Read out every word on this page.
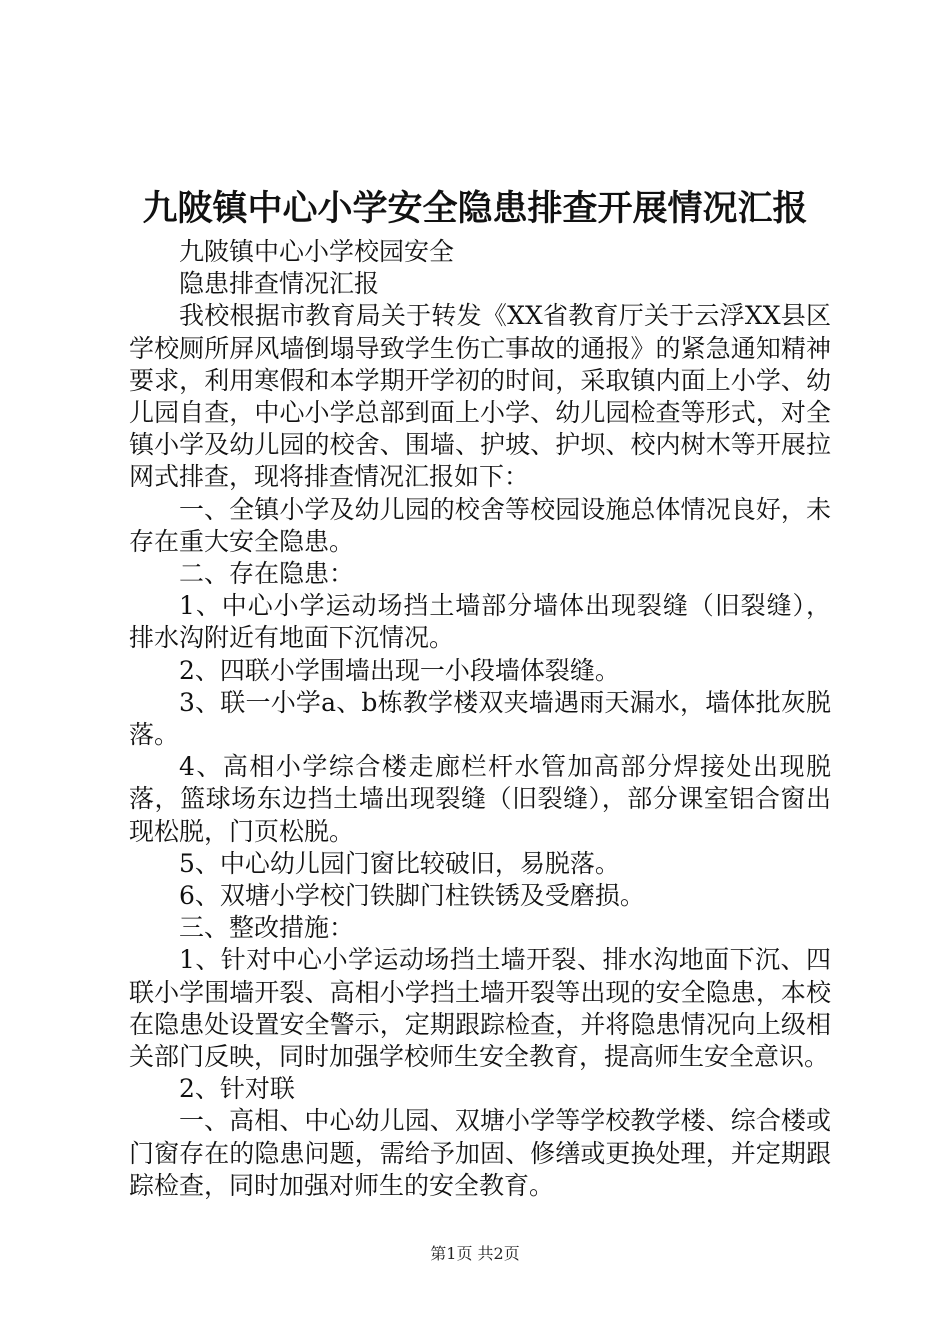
九陂镇中心小学安全隐患排查开展情况汇报

九陂镇中心小学校园安全

隐患排查情况汇报

我校根据市教育局关于转发《XX省教育厅关于云浮XX县区学校厕所屏风墙倒塌导致学生伤亡事故的通报》的紧急通知精神要求，利用寒假和本学期开学初的时间，采取镇内面上小学、幼儿园自查，中心小学总部到面上小学、幼儿园检查等形式，对全镇小学及幼儿园的校舍、围墙、护坡、护坝、校内树木等开展拉网式排查，现将排查情况汇报如下：

一、全镇小学及幼儿园的校舍等校园设施总体情况良好，未存在重大安全隐患。

二、存在隐患：

1、中心小学运动场挡土墙部分墙体出现裂缝（旧裂缝），排水沟附近有地面下沉情况。

2、四联小学围墙出现一小段墙体裂缝。

3、联一小学a、b栋教学楼双夹墙遇雨天漏水，墙体批灰脱落。

4、高相小学综合楼走廊栏杆水管加高部分焊接处出现脱落，篮球场东边挡土墙出现裂缝（旧裂缝），部分课室铝合窗出现松脱，门页松脱。

5、中心幼儿园门窗比较破旧，易脱落。

6、双塘小学校门铁脚门柱铁锈及受磨损。

三、整改措施：

1、针对中心小学运动场挡土墙开裂、排水沟地面下沉、四联小学围墙开裂、高相小学挡土墙开裂等出现的安全隐患，本校在隐患处设置安全警示，定期跟踪检查，并将隐患情况向上级相关部门反映，同时加强学校师生安全教育，提高师生安全意识。

2、针对联

一、高相、中心幼儿园、双塘小学等学校教学楼、综合楼或门窗存在的隐患问题，需给予加固、修缮或更换处理，并定期跟踪检查，同时加强对师生的安全教育。

第1页 共2页
